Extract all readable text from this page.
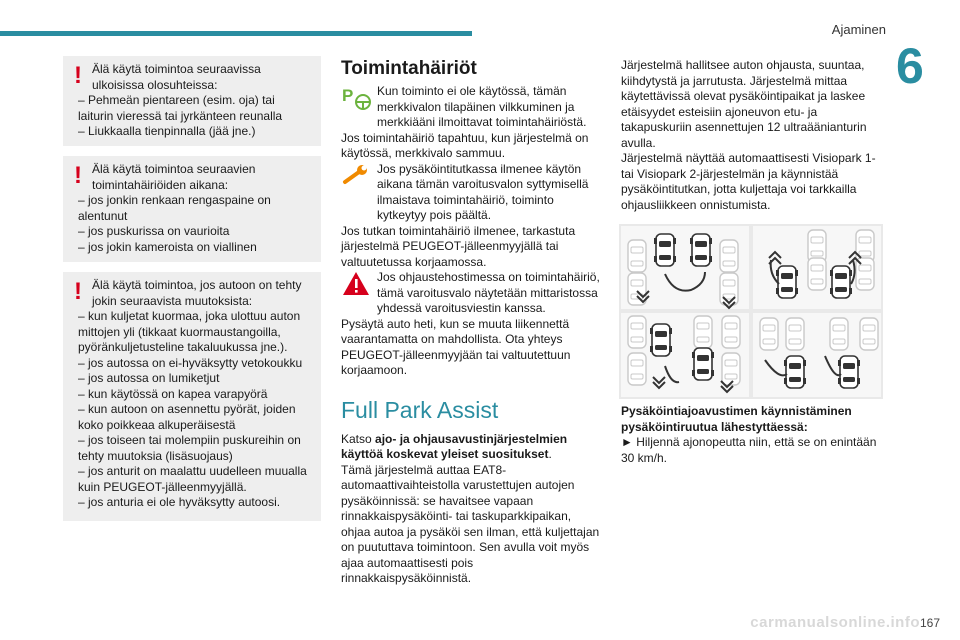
Ajaminen
6
! Älä käytä toimintoa seuraavissa ulkoisissa olosuhteissa:
– Pehmeän pientareen (esim. oja) tai laiturin vieressä tai jyrkänteen reunalla
– Liukkaalla tienpinnalla (jää jne.)
! Älä käytä toimintoa seuraavien toimintahäiriöiden aikana:
– jos jonkin renkaan rengaspaine on alentunut
– jos puskurissa on vaurioita
– jos jokin kameroista on viallinen
! Älä käytä toimintoa, jos autoon on tehty jokin seuraavista muutoksista:
– kun kuljetat kuormaa, joka ulottuu auton mittojen yli (tikkaat kuormaustangoilla, pyöränkuljetusteline takaluukussa jne.).
– jos autossa on ei-hyväksytty vetokoukku
– jos autossa on lumiketjut
– kun käytössä on kapea varapyörä
– kun autoon on asennettu pyörät, joiden koko poikkeaa alkuperäisestä
– jos toiseen tai molempiin puskureihin on tehty muutoksia (lisäsuojaus)
– jos anturit on maalattu uudelleen muualla kuin PEUGEOT-jälleenmyyjällä.
– jos anturia ei ole hyväksytty autoosi.
Toimintahäiriöt
P Kun toiminto ei ole käytössä, tämän merkkivalon tilapäinen vilkkuminen ja merkkiääni ilmoittavat toimintahäiriöstä.
Jos toimintahäiriö tapahtuu, kun järjestelmä on käytössä, merkkivalo sammuu.
Jos pysäköintitutkassa ilmenee käytön aikana tämän varoitusvalon syttymisellä ilmaistava toimintahäiriö, toiminto kytkeytyy pois päältä.
Jos tutkan toimintahäiriö ilmenee, tarkastuta järjestelmä PEUGEOT-jälleenmyyjällä tai valtuutetussa korjaamossa.
Jos ohjaustehostimessa on toimintahäiriö, tämä varoitusvalo näytetään mittaristossa yhdessä varoitusviestin kanssa.
Pysäytä auto heti, kun se muuta liikennettä vaarantamatta on mahdollista. Ota yhteys PEUGEOT-jälleenmyyjään tai valtuutettuun korjaamoon.
Full Park Assist
Katso ajo- ja ohjausavustinjärjestelmien käyttöä koskevat yleiset suositukset.
Tämä järjestelmä auttaa EAT8-automaattivaihteistolla varustettujen autojen pysäköinnissä: se havaitsee vapaan rinnakkaispysäköinti- tai taskuparkkipaikan, ohjaa autoa ja pysäköi sen ilman, että kuljettajan on puututtava toimintoon. Sen avulla voit myös ajaa automaattisesti pois rinnakkaispysäköinnistä.
Järjestelmä hallitsee auton ohjausta, suuntaa, kiihdytystä ja jarrutusta. Järjestelmä mittaa käytettävissä olevat pysäköintipaikat ja laskee etäisyydet esteisiin ajoneuvon etu- ja takapuskuriin asennettujen 12 ultraäänianturin avulla.
Järjestelmä näyttää automaattisesti Visiopark 1- tai Visiopark 2-järjestelmän ja käynnistää pysäköintitutkan, jotta kuljettaja voi tarkkailla ohjausliikkeen onnistumista.
Pysäköintiajoavustimen käynnistäminen pysäköintiruutua lähestyttäessä:
► Hiljennä ajonopeutta niin, että se on enintään 30 km/h.
carmanualsonline.info 167
